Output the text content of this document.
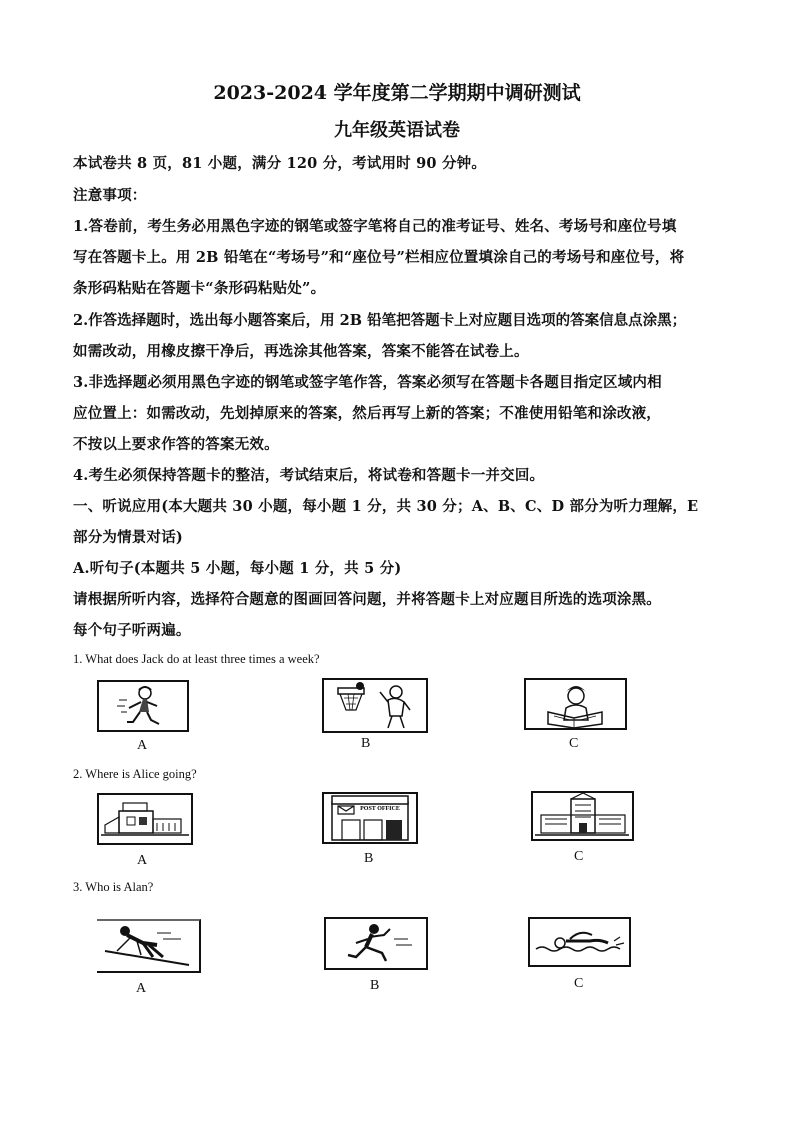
2023-2024 学年度第二学期期中调研测试
九年级英语试卷
本试卷共 8 页，81 小题，满分 120 分，考试用时 90 分钟。
注意事项：
1.答卷前，考生务必用黑色字迹的钢笔或签字笔将自己的准考证号、姓名、考场号和座位号填
写在答题卡上。用 2B 铅笔在“考场号”和“座位号”栏相应位置填涂自己的考场号和座位号，将
条形码粘贴在答题卡“条形码粘贴处”。
2.作答选择题时，选出每小题答案后，用 2B 铅笔把答题卡上对应题目选项的答案信息点涂黑；
如需改动，用橡皮擦干净后，再选涂其他答案，答案不能答在试卷上。
3.非选择题必须用黑色字迹的钢笔或签字笔作答，答案必须写在答题卡各题目指定区域内相
应位置上：如需改动，先划掉原来的答案，然后再写上新的答案；不准使用铅笔和涂改液，
不按以上要求作答的答案无效。
4.考生必须保持答题卡的整洁，考试结束后，将试卷和答题卡一并交回。
一、听说应用(本大题共 30 小题，每小题 1 分，共 30 分；A、B、C、D 部分为听力理解，E
部分为情景对话)
A.听句子(本题共 5 小题，每小题 1 分，共 5 分)
请根据所听内容，选择符合题意的图画回答问题，并将答题卡上对应题目所选的选项涂黑。
每个句子听两遍。
1. What does Jack do at least three times a week?
A	B	C
2. Where is Alice going?
A
POST OFFICE
B	C
3. Who is Alan?
A	B	C
